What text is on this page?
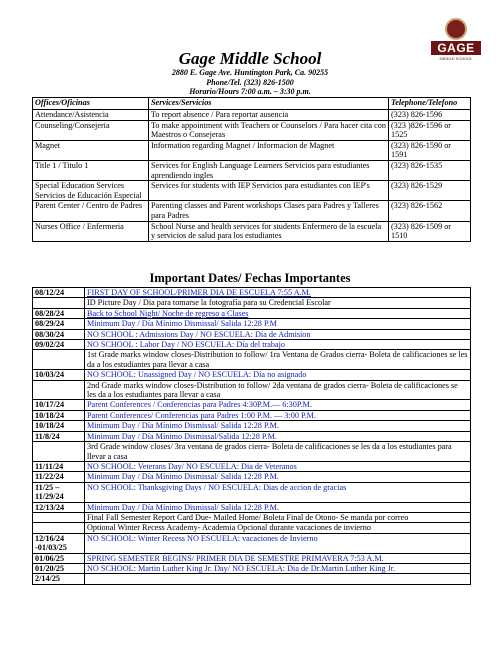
GAGE
MIDDLE SCHOOL
Gage Middle School
2880 E. Gage Ave. Huntington Park, Ca. 90255
Phone/Tel. (323) 826-1500
Horario/Hours 7:00 a.m. – 3:30 p.m.
Offices/Oficinas	Services/Servicios	Telephone/Telefono
Attendance/Asistencia	To report absence / Para reportar ausencia	(323) 826-1596
Counseling/Consejeria	To make appointment with Teachers or Counselors / Para hacer cita con Maestros o Consejeras	(323 )826-1596 or 1525
Magnet	Information regarding Magnet / Informacion de Magnet	(323) 826-1590 or 1591
Title 1 / Titulo 1	Services for English Language Learners Servicios para estudiantes aprendiendo ingles	(323) 826-1535
Special Education Services Servicios de Educación Especial	Services for students with IEP Servicios para estudiantes con IEP's	(323) 826-1529
Parent Center / Centro de Padres	Parenting classes and Parent workshops Clases para Padres y Talleres para Padres	(323) 826-1562
Nurses Office / Enfermeria	School Nurse and health services for students Enfermero de la escuela y servicios de salud para los estudiantes	(323) 826-1509 or 1510
Important Dates/ Fechas Importantes
08/12/24	FIRST DAY OF SCHOOL/PRIMER DIA DE ESCUELA 7:55 A.M.
	ID Picture Day / Dia para tomarse la fotografía para su Credencial Escolar
08/28/24	Back to School Night/ Noche de regreso a Clases
08/29/24	Minimum Day / Día Mínimo Dismissal/ Salida 12:28 P.M
08/30/24	NO SCHOOL : Admissions Day / NO ESCUELA: Día de Admision
09/02/24	NO SCHOOL : Labor Day / NO ESCUELA: Día del trabajo
	1st Grade marks window closes-Distribution to follow/ 1ra Ventana de Grados cierra- Boleta de calificaciones se les da a los estudiantes para llevar a casa
10/03/24	NO SCHOOL: Unassigned Day / NO ESCUELA: Día no asignado
	2nd Grade marks window closes-Distribution to follow/ 2da ventana de grados cierra- Boleta de calificaciones se les da a los estudiantes para llevar a casa
10/17/24	Parent Conferences / Conferencias para Padres 4:30P.M.— 6:30P.M.
10/18/24	Parent Conferences/ Conferencias para Padres 1:00 P.M. — 3:00 P.M.
10/18/24	Minimum Day / Día Mínimo Dismissal/ Salida 12:28 P.M.
11/8/24	Minimum Day / Día Mínimo Dismissal/Salida 12:28 P.M.
	3rd Grade window closes/ 3ra ventana de grados cierra- Boleta de calificaciones se les da a los estudiantes para llevar a casa
11/11/24	NO SCHOOL: Veterans Day/ NO ESCUELA: Dia de Veteranos
11/22/24	Minimum Day / Día Mínimo Dismissal/ Salida 12:28 P.M.
11/25 – 11/29/24	NO SCHOOL: Thanksgiving Days / NO ESCUELA: Dias de accion de gracias
12/13/24	Minimum Day / Día Mínimo Dismissal/ Salida 12:28 P.M.
	Final Fall Semester Report Card Due- Mailed Home/ Boleta Final de Otono- Se manda por correo
	Optional Winter Recess Academy- Academia Opcional durante vacaciones de invierno
12/16/24 -01/03/25	NO SCHOOL: Winter Recess NO ESCUELA: vacaciones de Invierno
01/06/25	SPRING SEMESTER BEGINS/ PRIMER DIA DE SEMESTRE PRIMAVERA 7:53 A.M.
01/20/25	NO SCHOOL: Martin Luther King Jr. Day/ NO ESCUELA: Dia de Dr.Martin Luther King Jr.
2/14/25	
